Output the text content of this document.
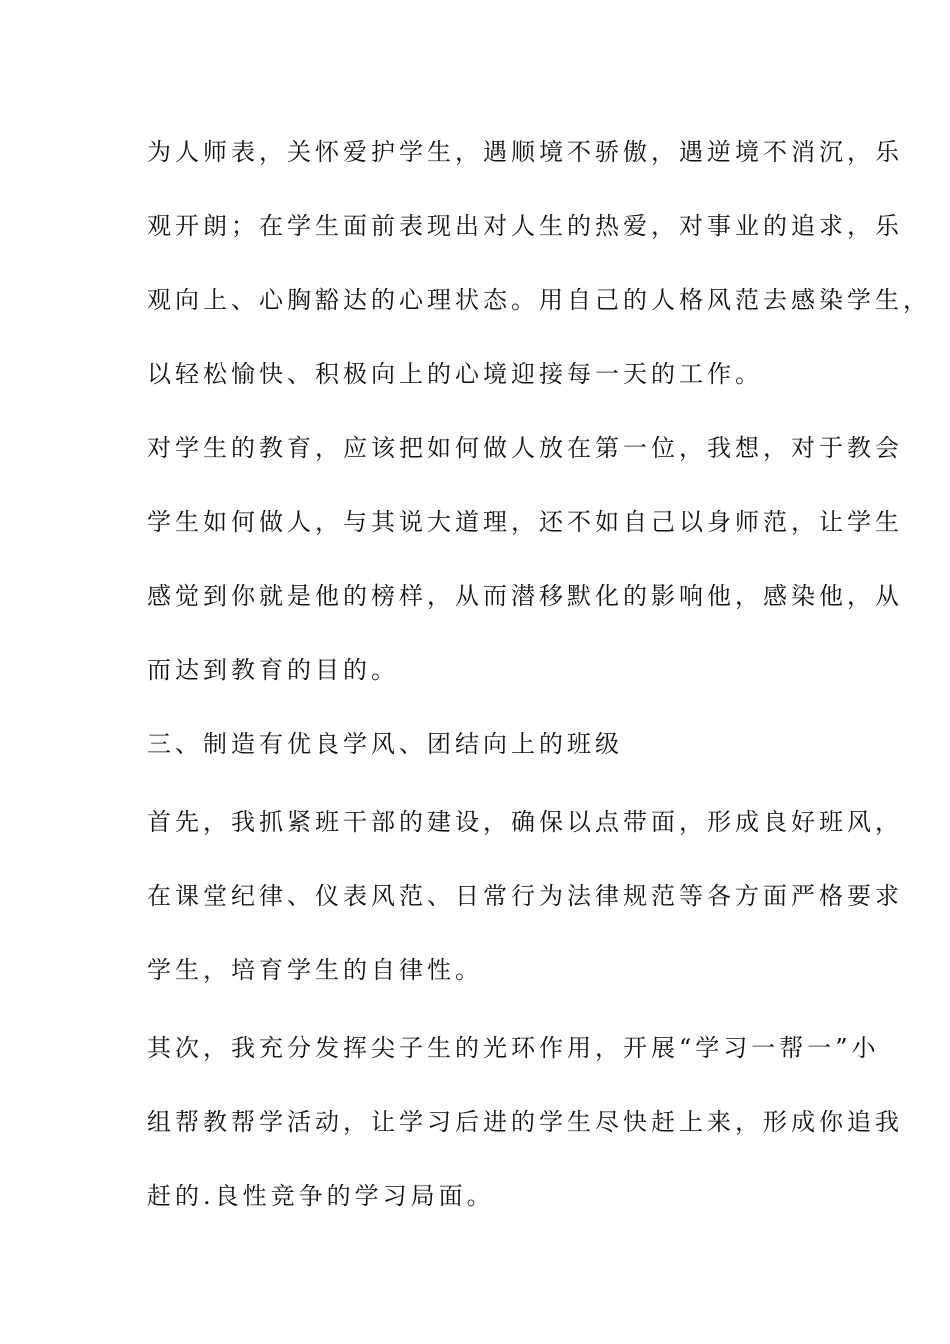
为人师表，关怀爱护学生，遇顺境不骄傲，遇逆境不消沉，乐
观开朗；在学生面前表现出对人生的热爱，对事业的追求，乐
观向上、心胸豁达的心理状态。用自己的人格风范去感染学生，
以轻松愉快、积极向上的心境迎接每一天的工作。
对学生的教育，应该把如何做人放在第一位，我想，对于教会
学生如何做人，与其说大道理，还不如自己以身师范，让学生
感觉到你就是他的榜样，从而潜移默化的影响他，感染他，从
而达到教育的目的。
三、制造有优良学风、团结向上的班级
首先，我抓紧班干部的建设，确保以点带面，形成良好班风，
在课堂纪律、仪表风范、日常行为法律规范等各方面严格要求
学生，培育学生的自律性。
其次，我充分发挥尖子生的光环作用，开展“学习一帮一”小
组帮教帮学活动，让学习后进的学生尽快赶上来，形成你追我
赶的.良性竞争的学习局面。
